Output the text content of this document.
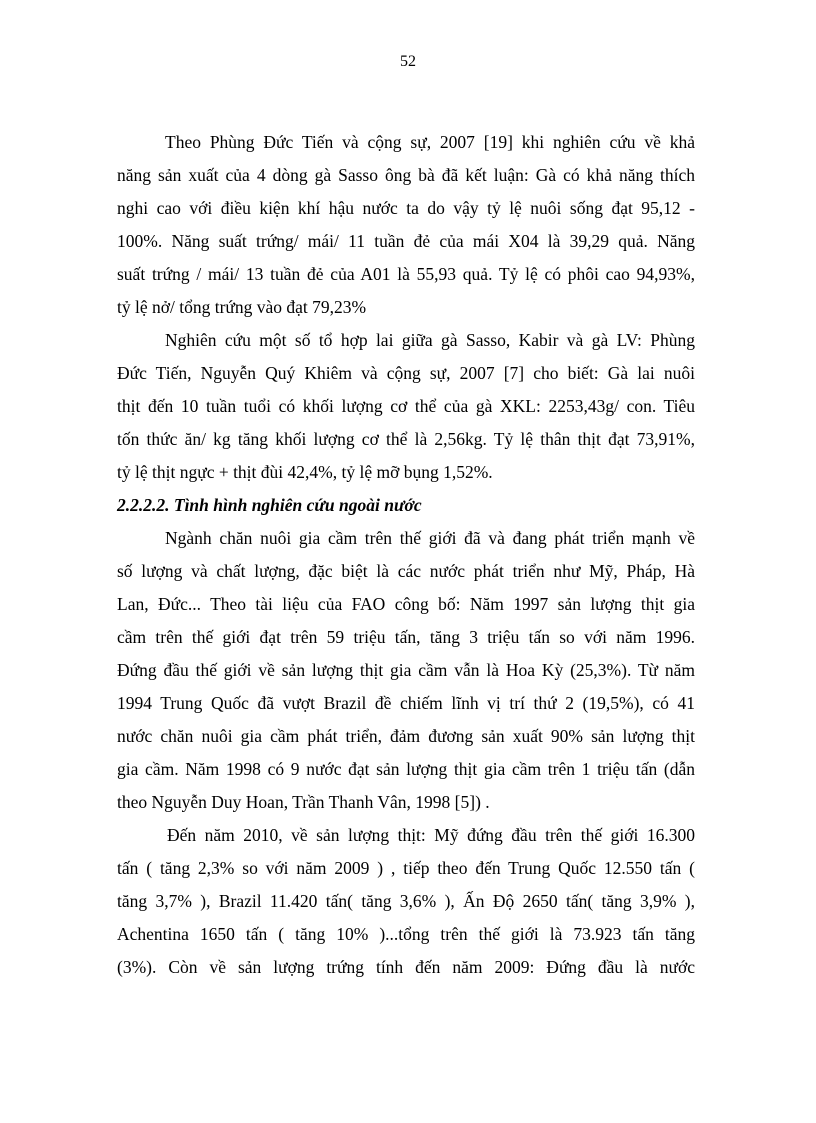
52
Theo Phùng Đức Tiến và cộng sự, 2007 [19] khi nghiên cứu về khả
năng sản xuất của 4 dòng gà Sasso ông bà đã kết luận: Gà có khả năng thích
nghi cao với điều kiện khí hậu nước ta do vậy tỷ lệ nuôi sống đạt 95,12 -
100%. Năng suất trứng/ mái/ 11 tuần đẻ của mái X04 là 39,29 quả. Năng
suất trứng / mái/ 13 tuần đẻ của A01 là 55,93 quả. Tỷ lệ có phôi cao 94,93%,
tỷ lệ nở/ tổng trứng vào đạt 79,23%
Nghiên cứu một số tổ hợp lai giữa gà Sasso, Kabir và gà LV: Phùng
Đức Tiến, Nguyễn Quý Khiêm và cộng sự, 2007 [7] cho biết: Gà lai nuôi
thịt đến 10 tuần tuổi có khối lượng cơ thể của gà XKL: 2253,43g/ con. Tiêu
tốn thức ăn/ kg tăng khối lượng cơ thể là 2,56kg. Tỷ lệ thân thịt đạt 73,91%,
tỷ lệ thịt ngực + thịt đùi 42,4%, tỷ lệ mỡ bụng 1,52%.
2.2.2.2. Tình hình nghiên cứu ngoài nước
Ngành chăn nuôi gia cầm trên thế giới đã và đang phát triển mạnh về
số lượng và chất lượng, đặc biệt là các nước phát triển như Mỹ, Pháp, Hà
Lan, Đức... Theo tài liệu của FAO công bố: Năm 1997 sản lượng thịt gia
cầm trên thế giới đạt trên 59 triệu tấn, tăng 3 triệu tấn so với năm 1996.
Đứng đầu thế giới về sản lượng thịt gia cầm vẫn là Hoa Kỳ (25,3%). Từ năm
1994 Trung Quốc đã vượt Brazil đề chiếm lĩnh vị trí thứ 2 (19,5%), có 41
nước chăn nuôi gia cầm phát triển, đảm đương sản xuất 90% sản lượng thịt
gia cầm. Năm 1998 có 9 nước đạt sản lượng thịt gia cầm trên 1 triệu tấn (dẫn
theo Nguyễn Duy Hoan, Trần Thanh Vân, 1998 [5]) .
Đến năm 2010, về sản lượng thịt: Mỹ đứng đầu trên thế giới 16.300
tấn ( tăng 2,3% so với năm 2009 ) , tiếp theo đến Trung Quốc 12.550 tấn (
tăng 3,7% ), Brazil 11.420 tấn( tăng 3,6% ), Ấn Độ 2650 tấn( tăng 3,9% ),
Achentina 1650 tấn ( tăng 10% )...tổng trên thế giới là 73.923 tấn tăng
(3%). Còn về sản lượng trứng tính đến năm 2009: Đứng đầu là nước
